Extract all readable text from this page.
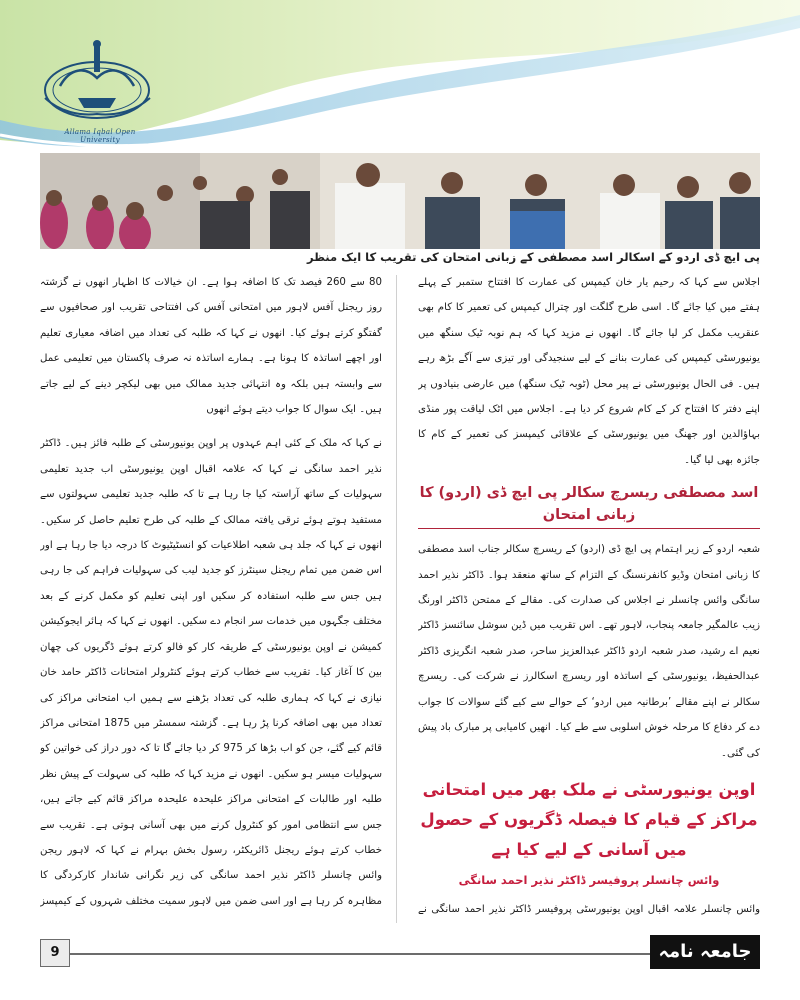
Allama Iqbal Open University
پی ایچ ڈی اردو کے اسکالر اسد مصطفی کے زبانی امتحان کی تقریب کا ایک منظر

اجلاس سے کہا کہ رحیم یار خان کیمپس کی عمارت کا افتتاح ستمبر کے پہلے ہفتے میں کیا جائے گا۔ اسی طرح گلگت اور چترال کیمپس کی تعمیر کا کام بھی عنقریب مکمل کر لیا جائے گا۔ انھوں نے مزید کہا کہ ہم نوبہ ٹیک سنگھ میں یونیورسٹی کیمپس کی عمارت بنانے کے لیے سنجیدگی اور تیزی سے آگے بڑھ رہے ہیں۔ فی الحال یونیورسٹی نے پیر محل (ٹوبہ ٹیک سنگھ) میں عارضی بنیادوں پر اپنے دفتر کا افتتاح کر کے کام شروع کر دیا ہے۔ اجلاس میں اٹک لیاقت پور منڈی بہاؤالدین اور جھنگ میں یونیورسٹی کے علاقائی کیمپسز کی تعمیر کے کام کا جائزہ بھی لیا گیا۔

اسد مصطفی ریسرچ سکالر پی ایچ ڈی (اردو) کا زبانی امتحان

شعبہ اردو کے زیر اہتمام پی ایچ ڈی (اردو) کے ریسرچ سکالر جناب اسد مصطفی کا زبانی امتحان وڈیو کانفرنسنگ کے التزام کے ساتھ منعقد ہوا۔ ڈاکٹر نذیر احمد سانگی وائس چانسلر نے اجلاس کی صدارت کی۔ مقالے کے ممتحن ڈاکٹر اورنگ زیب عالمگیر جامعہ پنجاب، لاہور تھے۔ اس تقریب میں ڈین سوشل سائنسز ڈاکٹر نعیم اے رشید، صدر شعبہ اردو ڈاکٹر عبدالعزیز ساحر، صدر شعبہ انگریزی ڈاکٹر عبدالحفیظ، یونیورسٹی کے اساتذہ اور ریسرچ اسکالرز نے شرکت کی۔ ریسرچ سکالر نے اپنے مقالے ’برطانیہ میں اردو‘ کے حوالے سے کیے گئے سوالات کا جواب دے کر دفاع کا مرحلہ خوش اسلوبی سے طے کیا۔ انھیں کامیابی پر مبارک باد پیش کی گئی۔

اوپن یونیورسٹی نے ملک بھر میں امتحانی مراکز کے قیام کا فیصلہ ڈگریوں کے حصول میں آسانی کے لیے کیا ہے
وائس چانسلر پروفیسر ڈاکٹر نذیر احمد سانگی

وائس چانسلر علامہ اقبال اوپن یونیورسٹی پروفیسر ڈاکٹر نذیر احمد سانگی نے

80 سے 260 فیصد تک کا اضافہ ہوا ہے۔ ان خیالات کا اظہار انھوں نے گزشتہ روز ریجنل آفس لاہور میں امتحانی آفس کی افتتاحی تقریب اور صحافیوں سے گفتگو کرتے ہوئے کیا۔ انھوں نے کہا کہ طلبہ کی تعداد میں اضافہ معیاری تعلیم اور اچھے اساتذہ کا ہونا ہے۔ ہمارے اساتذہ نہ صرف پاکستان میں تعلیمی عمل سے وابستہ ہیں بلکہ وہ انتہائی جدید ممالک میں بھی لیکچر دینے کے لیے جاتے ہیں۔ ایک سوال کا جواب دیتے ہوئے انھوں

نے کہا کہ ملک کے کئی اہم عہدوں پر اوپن یونیورسٹی کے طلبہ فائز ہیں۔ ڈاکٹر نذیر احمد سانگی نے کہا کہ علامہ اقبال اوپن یونیورسٹی اب جدید تعلیمی سہولیات کے ساتھ آراستہ کیا جا رہا ہے تا کہ طلبہ جدید تعلیمی سہولتوں سے مستفید ہوتے ہوئے ترقی یافتہ ممالک کے طلبہ کی طرح تعلیم حاصل کر سکیں۔ انھوں نے کہا کہ جلد ہی شعبہ اطلاعیات کو انسٹیٹیوٹ کا درجہ دیا جا رہا ہے اور اس ضمن میں تمام ریجنل سینٹرز کو جدید لیب کی سہولیات فراہم کی جا رہی ہیں جس سے طلبہ استفادہ کر سکیں اور اپنی تعلیم کو مکمل کرنے کے بعد مختلف جگہوں میں خدمات سر انجام دے سکیں۔ انھوں نے کہا کہ ہائر ایجوکیشن کمیشن نے اوپن یونیورسٹی کے طریقہ کار کو فالو کرتے ہوئے ڈگریوں کی چھان بین کا آغاز کیا۔ تقریب سے خطاب کرتے ہوئے کنٹرولر امتحانات ڈاکٹر حامد خان نیازی نے کہا کہ ہماری طلبہ کی تعداد بڑھنے سے ہمیں اب امتحانی مراکز کی تعداد میں بھی اضافہ کرنا پڑ رہا ہے۔ گزشتہ سمسٹر میں 1875 امتحانی مراکز قائم کیے گئے، جن کو اب بڑھا کر 975 کر دیا جائے گا تا کہ دور دراز کی خواتین کو سہولیات میسر ہو سکیں۔ انھوں نے مزید کہا کہ طلبہ کی سہولت کے پیش نظر طلبہ اور طالبات کے امتحانی مراکز علیحدہ علیحدہ مراکز قائم کیے جاتے ہیں، جس سے انتظامی امور کو کنٹرول کرنے میں بھی آسانی ہوتی ہے۔ تقریب سے خطاب کرتے ہوئے ریجنل ڈائریکٹر، رسول بخش بہرام نے کہا کہ لاہور ریجن وائس چانسلر ڈاکٹر نذیر احمد سانگی کی زیر نگرانی شاندار کارکردگی کا مظاہرہ کر رہا ہے اور اسی ضمن میں لاہور سمیت مختلف شہروں کے کیمپسز

9	جامعہ نامہ
